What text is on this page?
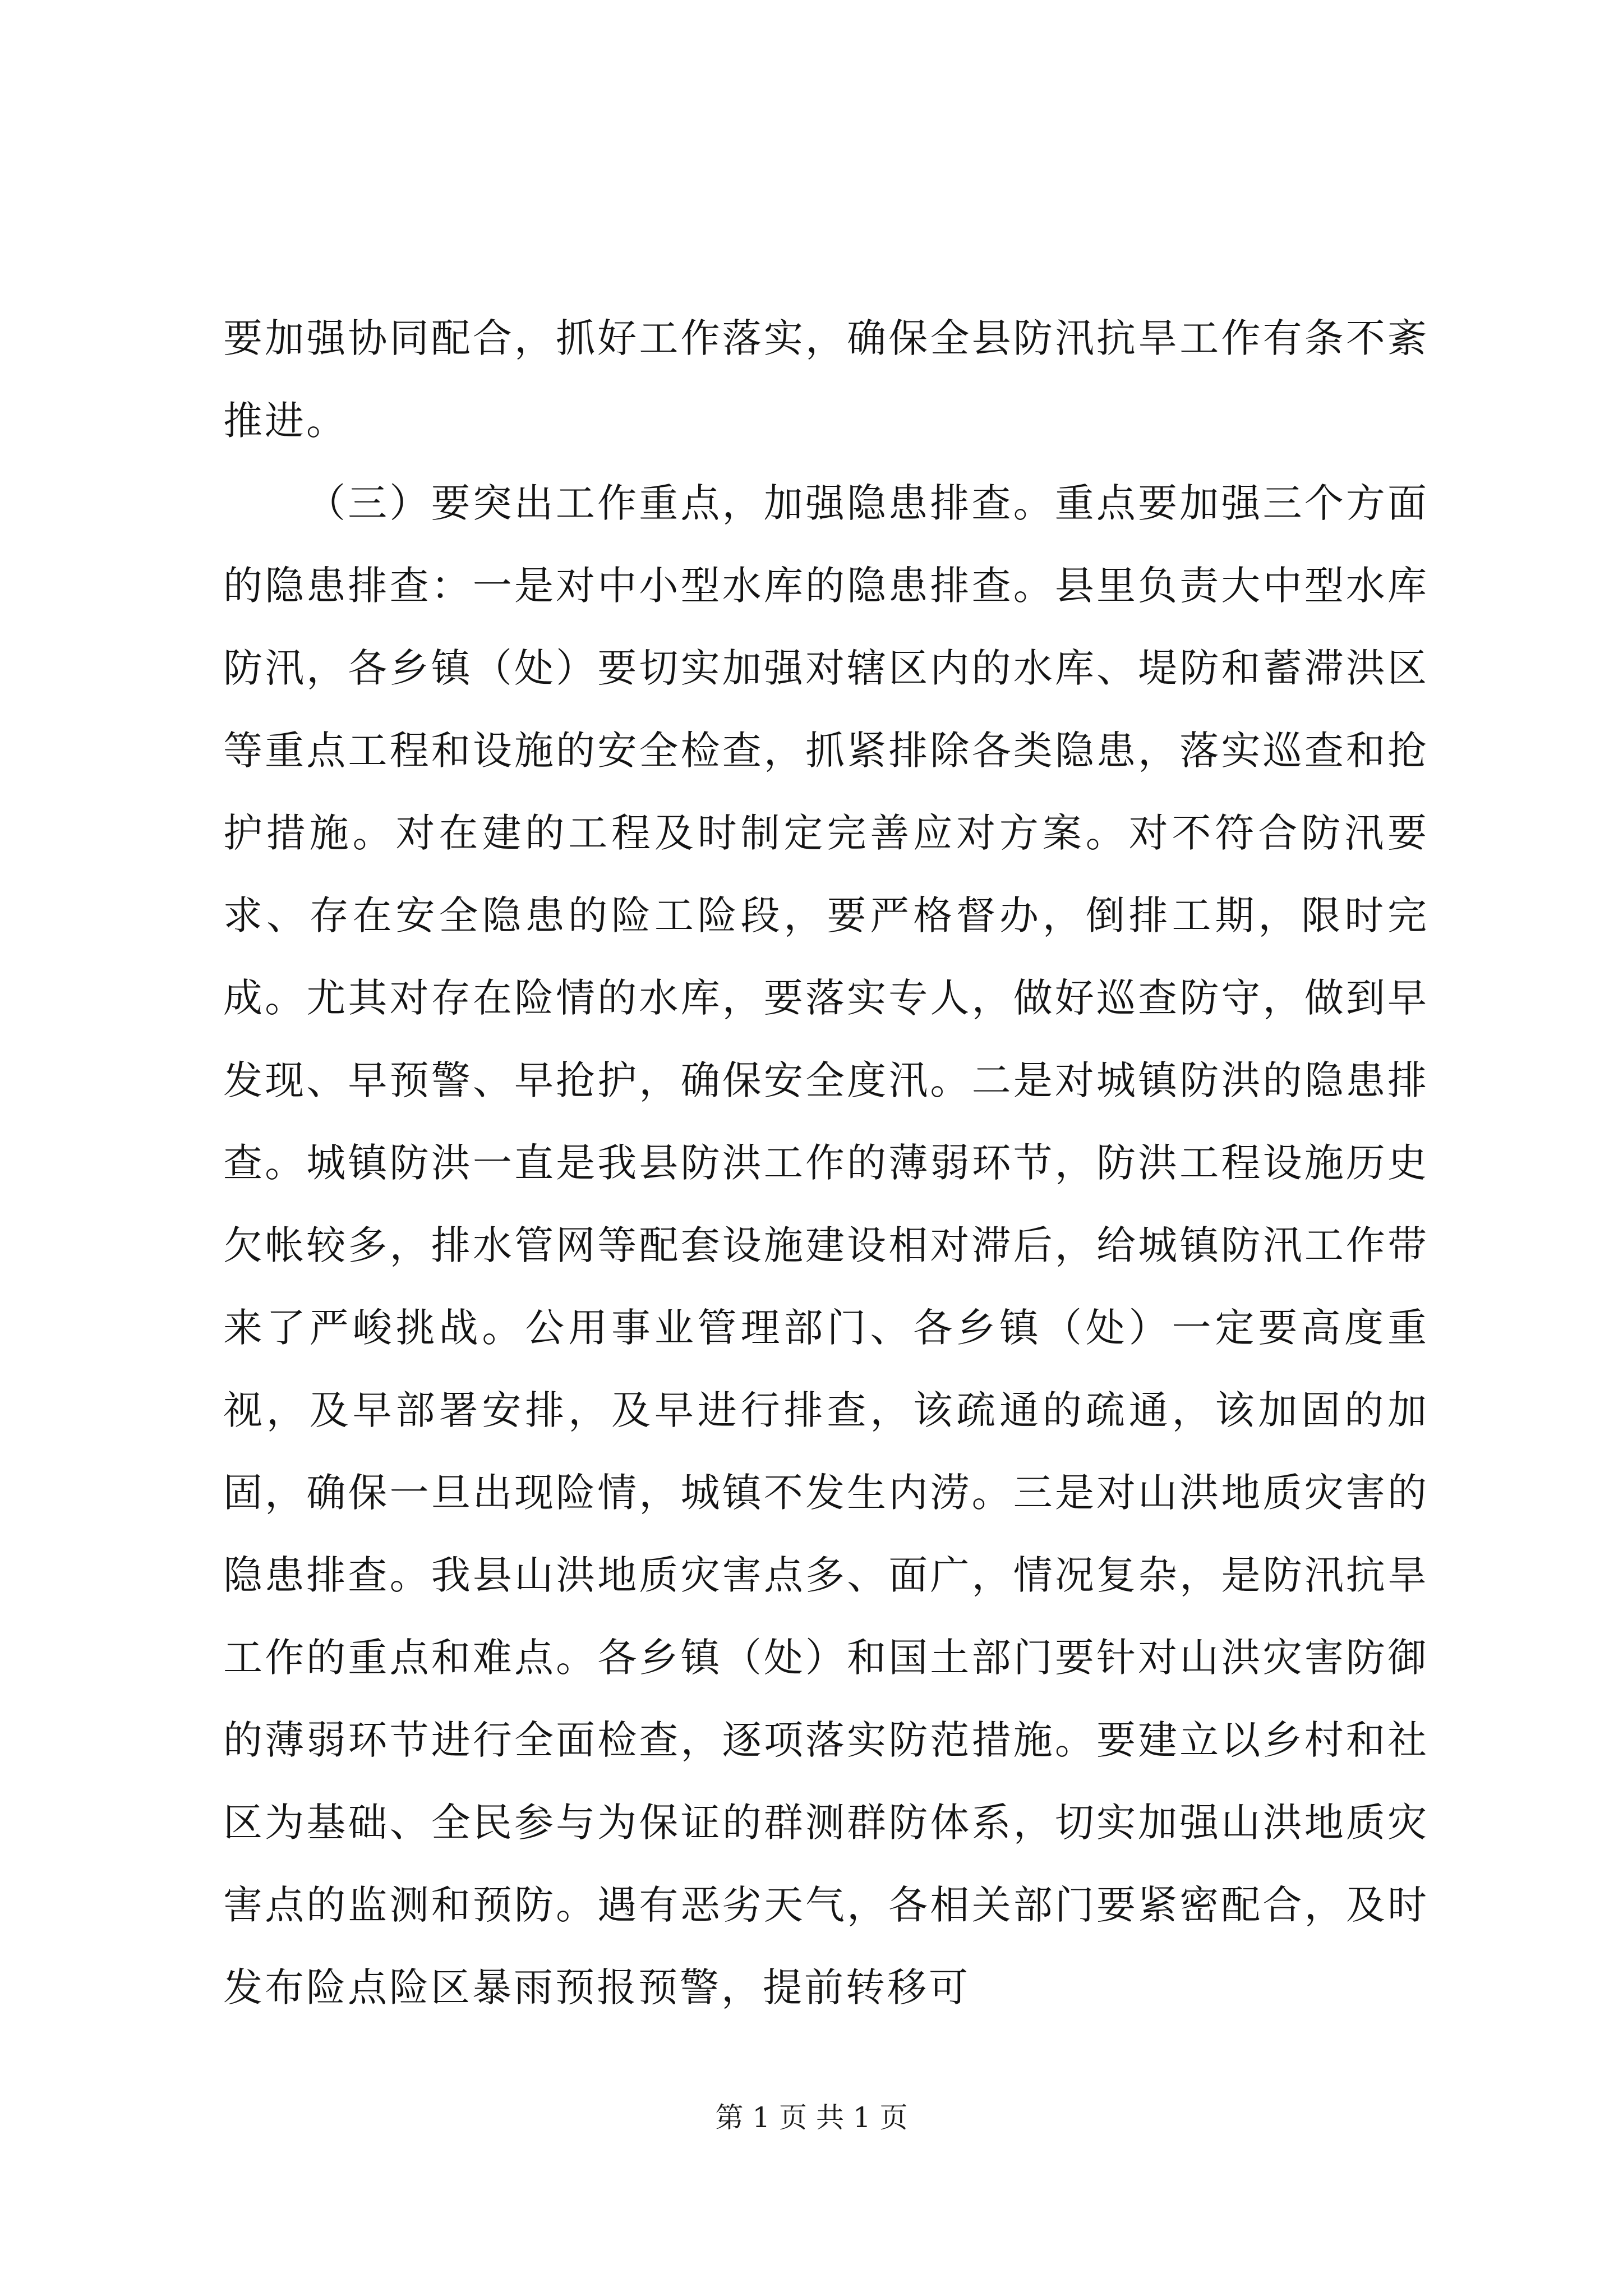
要加强协同配合，抓好工作落实，确保全县防汛抗旱工作有条不紊推进。

（三）要突出工作重点，加强隐患排查。重点要加强三个方面的隐患排查：一是对中小型水库的隐患排查。县里负责大中型水库防汛，各乡镇（处）要切实加强对辖区内的水库、堤防和蓄滞洪区等重点工程和设施的安全检查，抓紧排除各类隐患，落实巡查和抢护措施。对在建的工程及时制定完善应对方案。对不符合防汛要求、存在安全隐患的险工险段，要严格督办，倒排工期，限时完成。尤其对存在险情的水库，要落实专人，做好巡查防守，做到早发现、早预警、早抢护，确保安全度汛。二是对城镇防洪的隐患排查。城镇防洪一直是我县防洪工作的薄弱环节，防洪工程设施历史欠帐较多，排水管网等配套设施建设相对滞后，给城镇防汛工作带来了严峻挑战。公用事业管理部门、各乡镇（处）一定要高度重视，及早部署安排，及早进行排查，该疏通的疏通，该加固的加固，确保一旦出现险情，城镇不发生内涝。三是对山洪地质灾害的隐患排查。我县山洪地质灾害点多、面广，情况复杂，是防汛抗旱工作的重点和难点。各乡镇（处）和国土部门要针对山洪灾害防御的薄弱环节进行全面检查，逐项落实防范措施。要建立以乡村和社区为基础、全民参与为保证的群测群防体系，切实加强山洪地质灾害点的监测和预防。遇有恶劣天气，各相关部门要紧密配合，及时发布险点险区暴雨预报预警，提前转移可

第 1 页 共 1 页
